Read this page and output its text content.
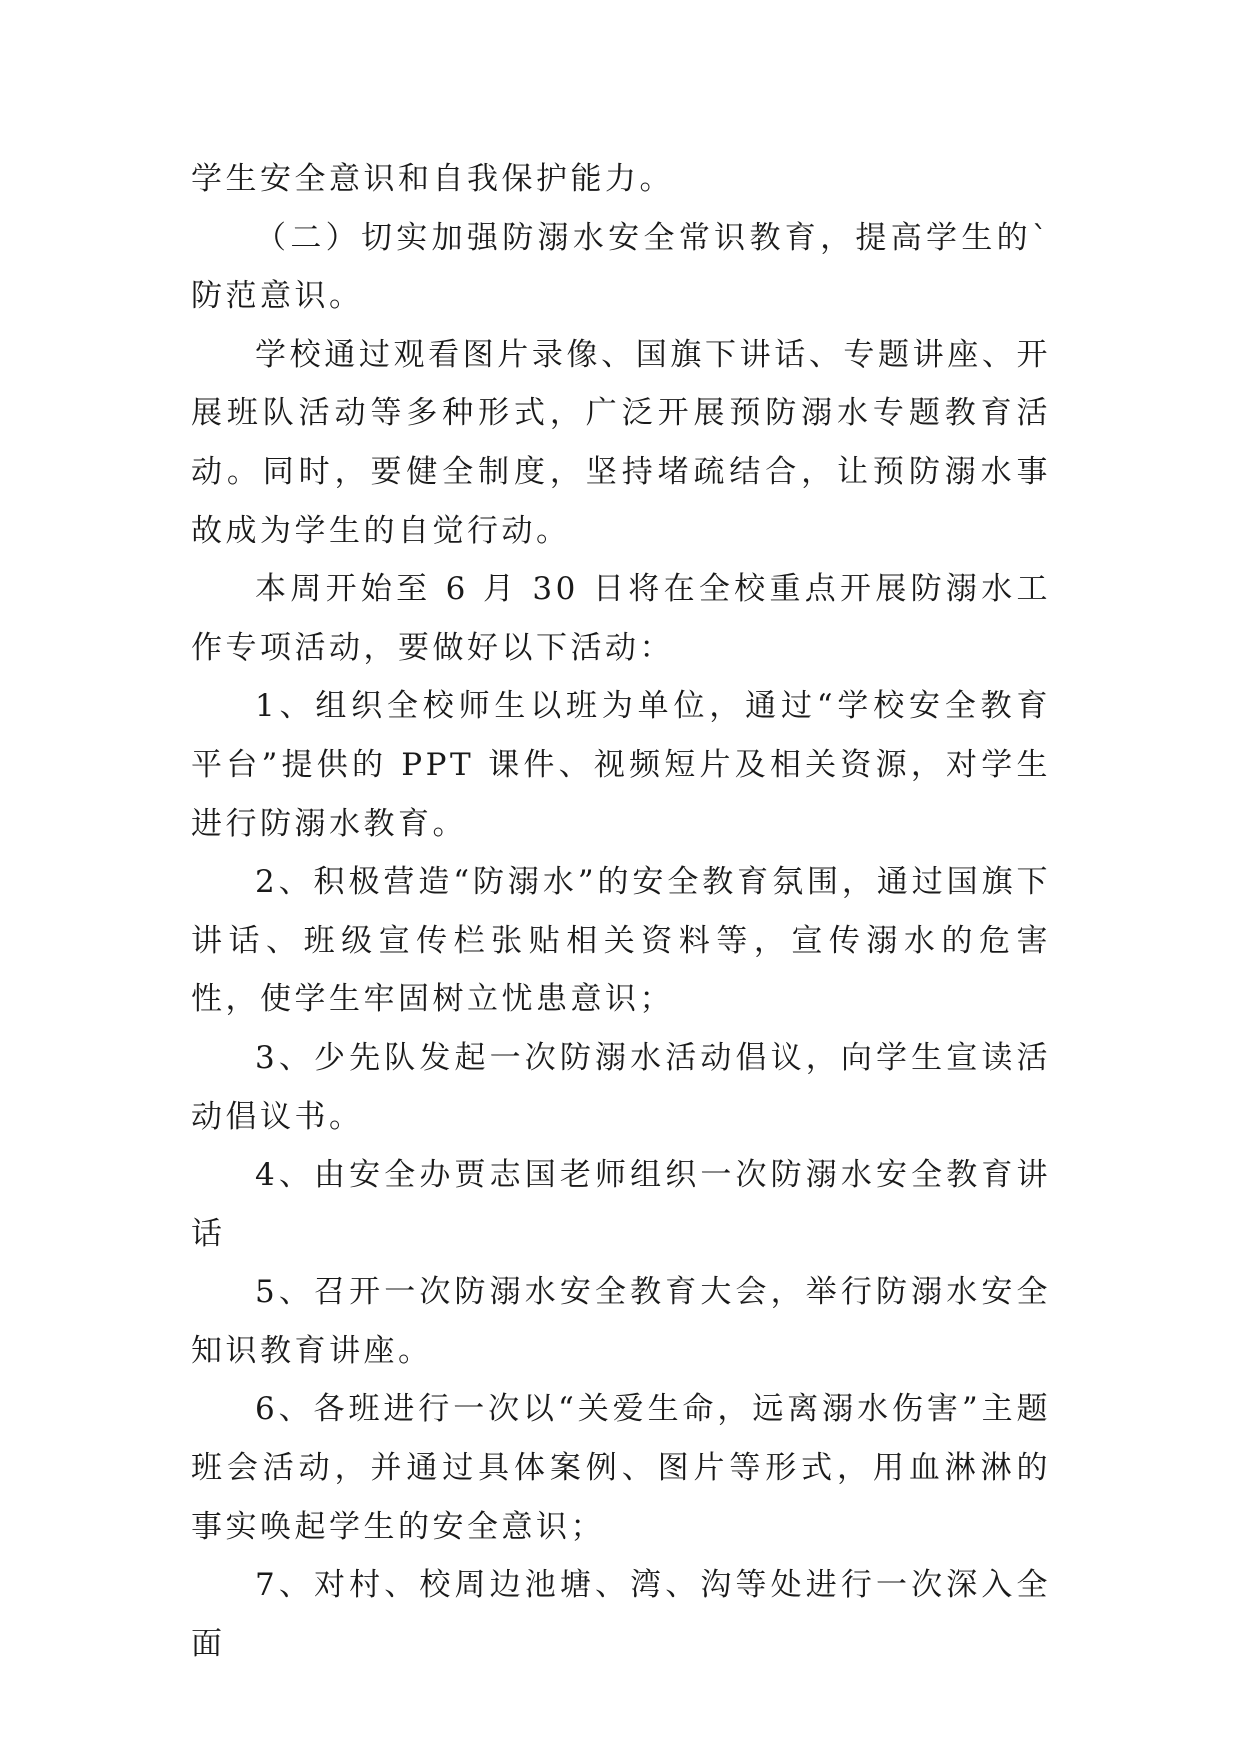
学生安全意识和自我保护能力。

（二）切实加强防溺水安全常识教育，提高学生的`防范意识。

学校通过观看图片录像、国旗下讲话、专题讲座、开展班队活动等多种形式，广泛开展预防溺水专题教育活动。同时，要健全制度，坚持堵疏结合，让预防溺水事故成为学生的自觉行动。

本周开始至 6 月 30 日将在全校重点开展防溺水工作专项活动，要做好以下活动：

1、组织全校师生以班为单位，通过“学校安全教育平台”提供的 PPT 课件、视频短片及相关资源，对学生进行防溺水教育。

2、积极营造“防溺水”的安全教育氛围，通过国旗下讲话、班级宣传栏张贴相关资料等，宣传溺水的危害性，使学生牢固树立忧患意识；

3、少先队发起一次防溺水活动倡议，向学生宣读活动倡议书。

4、由安全办贾志国老师组织一次防溺水安全教育讲话

5、召开一次防溺水安全教育大会，举行防溺水安全知识教育讲座。

6、各班进行一次以“关爱生命，远离溺水伤害”主题班会活动，并通过具体案例、图片等形式，用血淋淋的事实唤起学生的安全意识；

7、对村、校周边池塘、湾、沟等处进行一次深入全面
